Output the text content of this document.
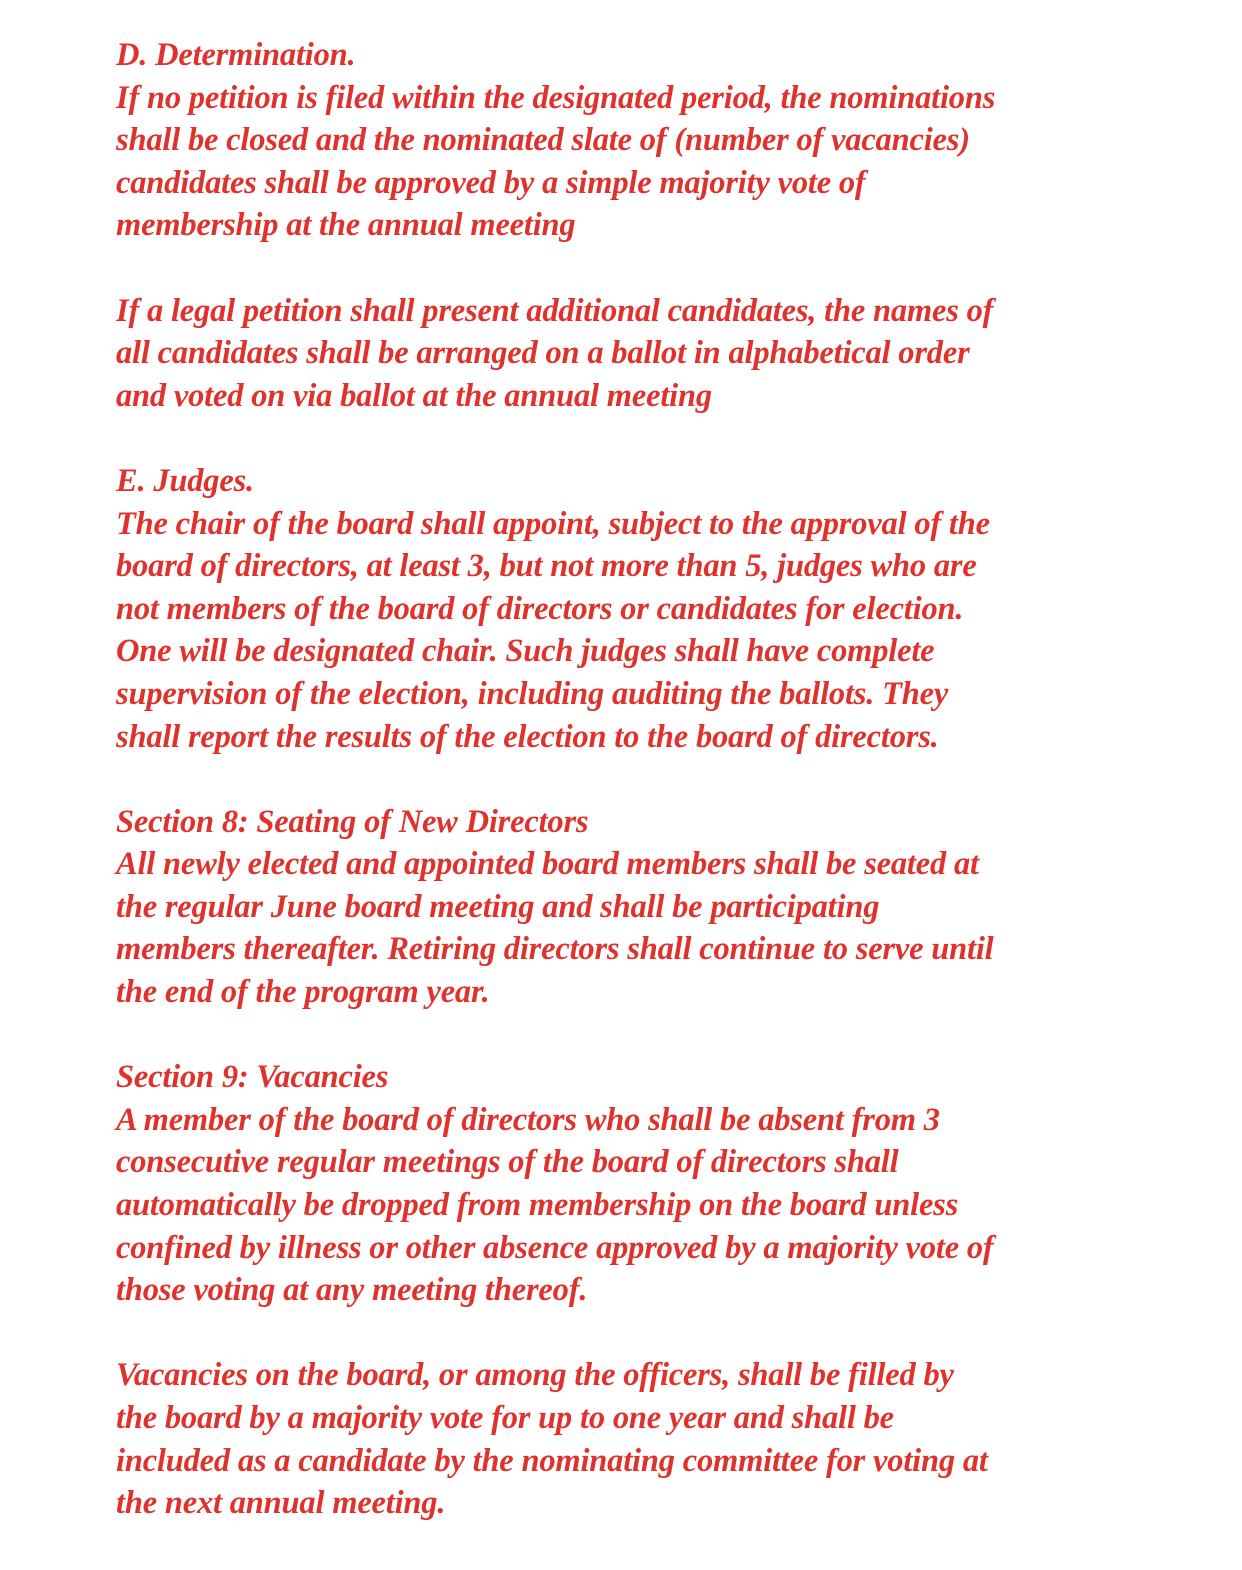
D. Determination.
If no petition is filed within the designated period, the nominations
shall be closed and the nominated slate of (number of vacancies)
candidates shall be approved by a simple majority vote of
membership at the annual meeting
If a legal petition shall present additional candidates, the names of
all candidates shall be arranged on a ballot in alphabetical order
and voted on via ballot at the annual meeting
E. Judges.
The chair of the board shall appoint, subject to the approval of the
board of directors, at least 3, but not more than 5, judges who are
not members of the board of directors or candidates for election.
One will be designated chair. Such judges shall have complete
supervision of the election, including auditing the ballots. They
shall report the results of the election to the board of directors.
Section 8: Seating of New Directors
All newly elected and appointed board members shall be seated at
the regular June board meeting and shall be participating
members thereafter. Retiring directors shall continue to serve until
the end of the program year.
Section 9: Vacancies
A member of the board of directors who shall be absent from 3
consecutive regular meetings of the board of directors shall
automatically be dropped from membership on the board unless
confined by illness or other absence approved by a majority vote of
those voting at any meeting thereof.
Vacancies on the board, or among the officers, shall be filled by
the board by a majority vote for up to one year and shall be
included as a candidate by the nominating committee for voting at
the next annual meeting.
